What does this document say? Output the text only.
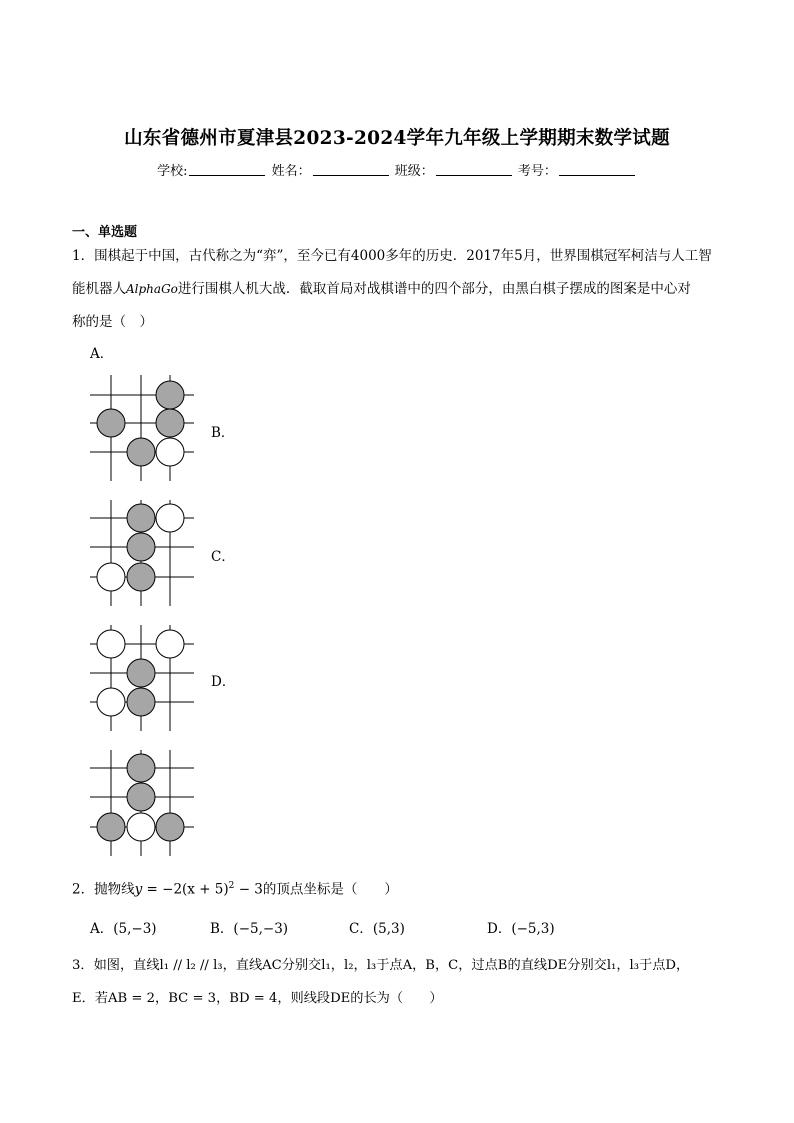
山东省德州市夏津县2023-2024学年九年级上学期期末数学试题
学校:	姓名：	班级：	考号：
一、单选题
1．围棋起于中国，古代称之为“弈”，至今已有4000多年的历史．2017年5月，世界围棋冠军柯洁与人工智
能机器人AlphaGo进行围棋人机大战．截取首局对战棋谱中的四个部分，由黑白棋子摆成的图案是中心对
称的是（　）
A．
B．
C．
D．
2．抛物线$y = -2(x + 5)^2 - 3$的顶点坐标是（　　）
A．(5,−3)	B．(−5,−3)	C．(5,3)	D．(−5,3)
3．如图，直线l₁ // l₂ // l₃，直线AC分别交l₁，l₂，l₃于点A，B，C，过点B的直线DE分别交l₁，l₃于点D，
E．若AB = 2，BC = 3，BD = 4，则线段DE的长为（　　）
